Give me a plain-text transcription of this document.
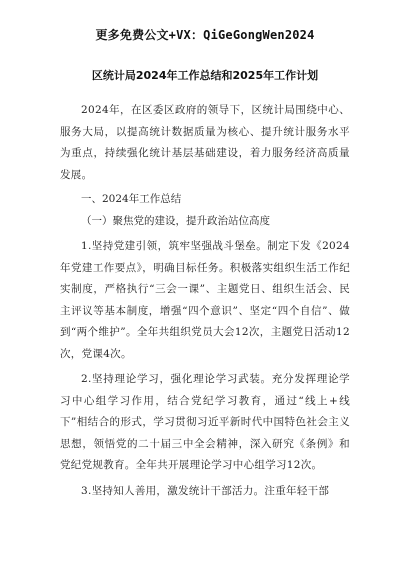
更多免费公文+VX：QiGeGongWen2024

区统计局2024年工作总结和2025年工作计划

2024年，在区委区政府的领导下，区统计局围绕中心、服务大局，以提高统计数据质量为核心、提升统计服务水平为重点，持续强化统计基层基础建设，着力服务经济高质量发展。

一、2024年工作总结

（一）聚焦党的建设，提升政治站位高度

1.坚持党建引领，筑牢坚强战斗堡垒。制定下发《2024年党建工作要点》，明确目标任务。积极落实组织生活工作纪实制度，严格执行“三会一课”、主题党日、组织生活会、民主评议等基本制度，增强“四个意识”、坚定“四个自信”、做到“两个维护”。全年共组织党员大会12次，主题党日活动12次，党课4次。

2.坚持理论学习，强化理论学习武装。充分发挥理论学习中心组学习作用，结合党纪学习教育，通过“线上+线下”相结合的形式，学习贯彻习近平新时代中国特色社会主义思想，领悟党的二十届三中全会精神，深入研究《条例》和党纪党规教育。全年共开展理论学习中心组学习12次。

3.坚持知人善用，激发统计干部活力。注重年轻干部
